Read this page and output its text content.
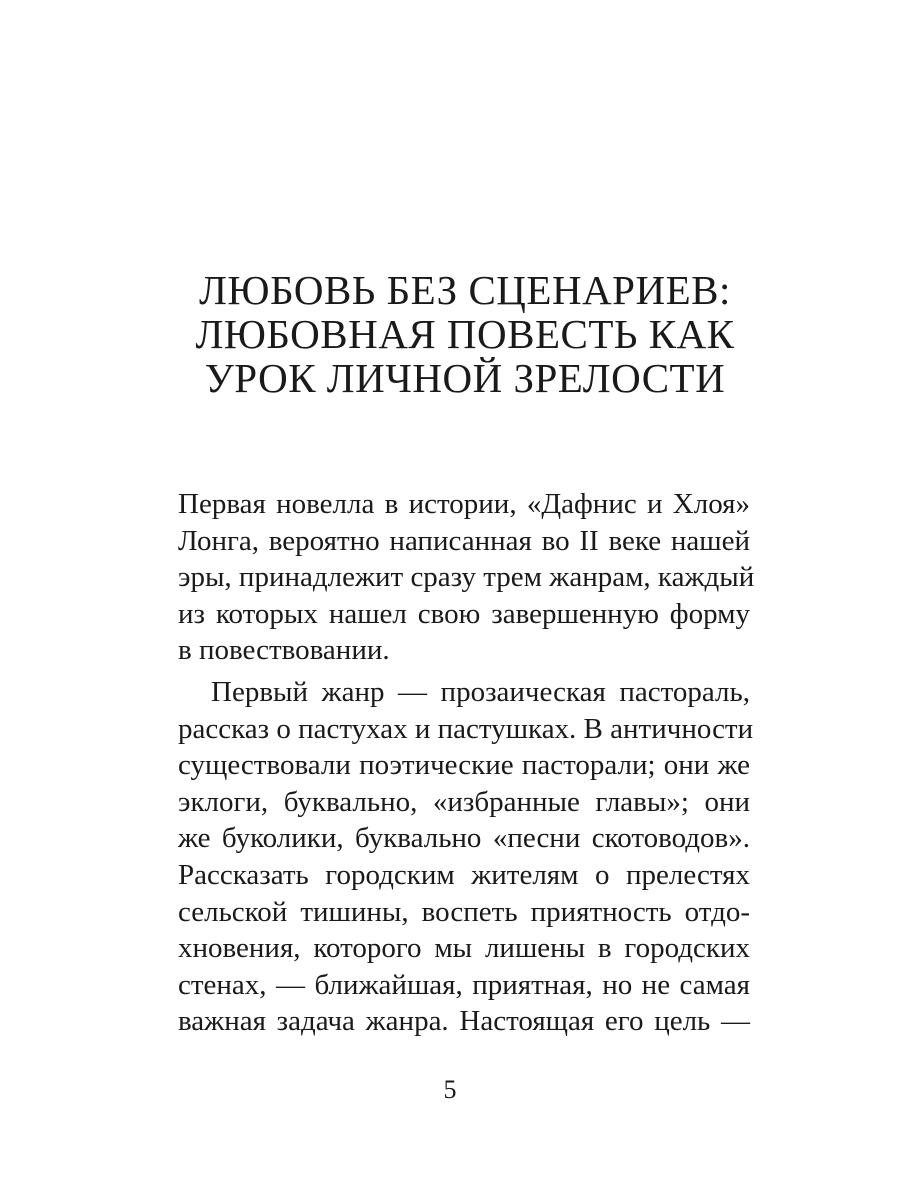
ЛЮБОВЬ БЕЗ СЦЕНАРИЕВ:
ЛЮБОВНАЯ ПОВЕСТЬ КАК
УРОК ЛИЧНОЙ ЗРЕЛОСТИ
Первая новелла в истории, «Дафнис и Хлоя»
Лонга, вероятно написанная во II веке нашей
эры, принадлежит сразу трем жанрам, каждый
из которых нашел свою завершенную форму
в повествовании.
Первый жанр — прозаическая пастораль,
рассказ о пастухах и пастушках. В античности
существовали поэтические пасторали; они же
эклоги, буквально, «избранные главы»; они
же буколики, буквально «песни скотоводов».
Рассказать городским жителям о прелестях
сельской тишины, воспеть приятность отдо-
хновения, которого мы лишены в городских
стенах, — ближайшая, приятная, но не самая
важная задача жанра. Настоящая его цель —
5
